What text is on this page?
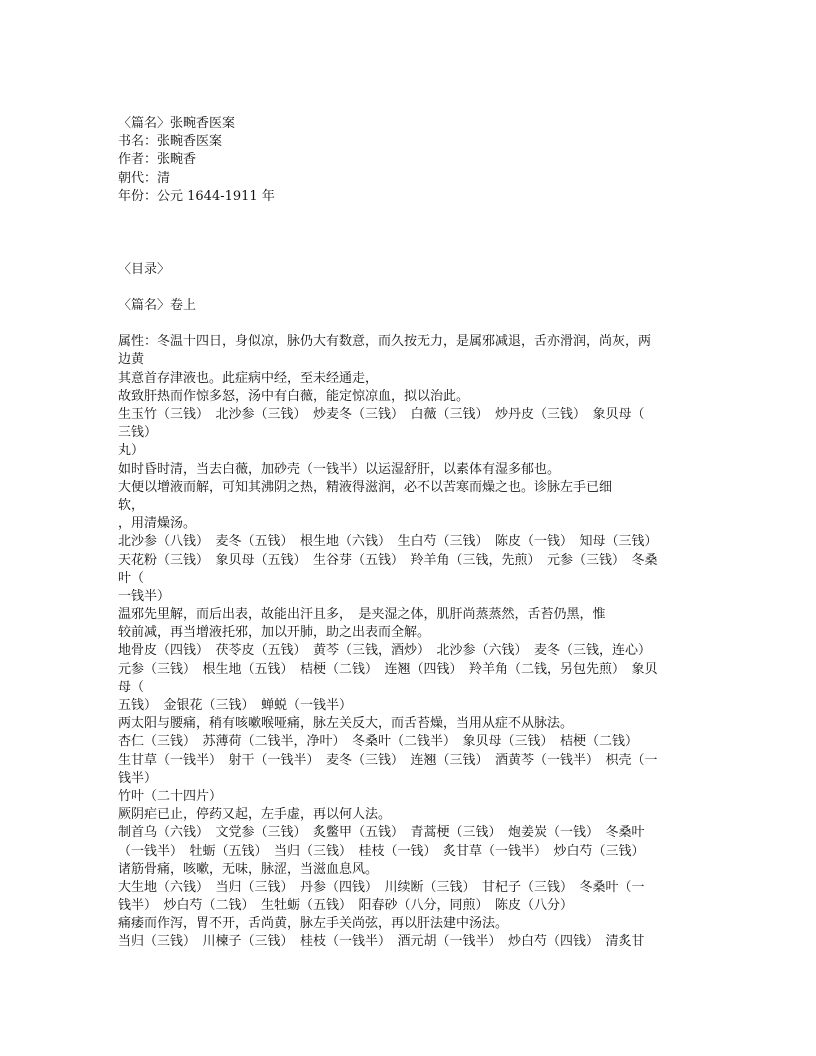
〈篇名〉张畹香医案
书名：张畹香医案
作者：张畹香
朝代：清
年份：公元 1644-1911 年
〈目录〉
〈篇名〉卷上
属性：冬温十四日，身似凉，脉仍大有数意，而久按无力，是属邪减退，舌亦滑润，尚灰，两
边黄
其意首存津液也。此症病中经，至未经通走，
故致肝热而作惊多怒，汤中有白薇，能定惊凉血，拟以治此。
生玉竹（三钱）　北沙参（三钱）　炒麦冬（三钱）　白薇（三钱）　炒丹皮（三钱）　象贝母（
三钱）
丸）
如时昏时清，当去白薇，加砂壳（一钱半）以运湿舒肝，以素体有湿多郁也。
大便以增液而解，可知其沸阴之热，精液得滋润，必不以苦寒而燥之也。诊脉左手已细
软，
，用清燥汤。
北沙参（八钱）　麦冬（五钱）　根生地（六钱）　生白芍（三钱）　陈皮（一钱）　知母（三钱）
天花粉（三钱）　象贝母（五钱）　生谷芽（五钱）　羚羊角（三钱，先煎）　元参（三钱）　冬桑
叶（
一钱半）
温邪先里解，而后出表，故能出汗且多，　是夹湿之体，肌肝尚蒸蒸然，舌苔仍黑，惟
较前减，再当增液托邪，加以开肺，助之出表而全解。
地骨皮（四钱）　茯苓皮（五钱）　黄芩（三钱，酒炒）　北沙参（六钱）　麦冬（三钱，连心）
元参（三钱）　根生地（五钱）　桔梗（二钱）　连翘（四钱）　羚羊角（二钱，另包先煎）　象贝
母（
五钱）　金银花（三钱）　蝉蜕（一钱半）
两太阳与腰痛，稍有咳嗽喉哑痛，脉左关反大，而舌苔燥，当用从症不从脉法。
杏仁（三钱）　苏薄荷（二钱半，净叶）　冬桑叶（二钱半）　象贝母（三钱）　桔梗（二钱）
生甘草（一钱半）　射干（一钱半）　麦冬（三钱）　连翘（三钱）　酒黄芩（一钱半）　枳壳（一
钱半）
竹叶（二十四片）
厥阴疟已止，停药又起，左手虚，再以何人法。
制首乌（六钱）　文党参（三钱）　炙鳖甲（五钱）　青蒿梗（三钱）　炮姜炭（一钱）　冬桑叶
（一钱半）　牡蛎（五钱）　当归（三钱）　桂枝（一钱）　炙甘草（一钱半）　炒白芍（三钱）
诸筋骨痛，咳嗽，无味，脉涩，当滋血息风。
大生地（六钱）　当归（三钱）　丹参（四钱）　川续断（三钱）　甘杞子（三钱）　冬桑叶（一
钱半）　炒白芍（二钱）　生牡蛎（五钱）　阳春砂（八分，同煎）　陈皮（八分）
痛痿而作泻，胃不开，舌尚黄，脉左手关尚弦，再以肝法建中汤法。
当归（三钱）　川楝子（三钱）　桂枝（一钱半）　酒元胡（一钱半）　炒白芍（四钱）　清炙甘
